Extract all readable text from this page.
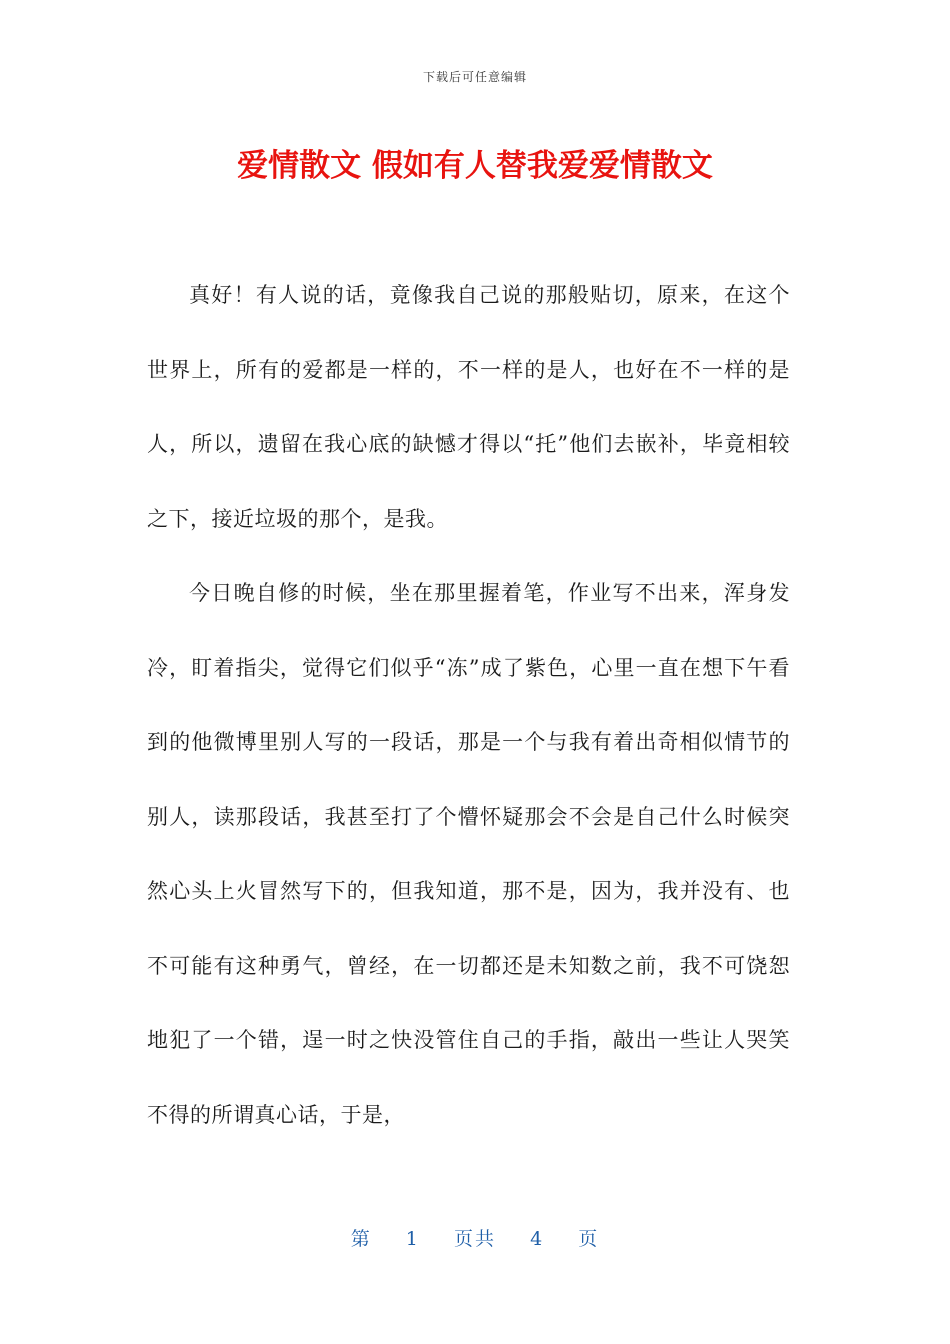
下载后可任意编辑
爱情散文 假如有人替我爱爱情散文

真好！有人说的话，竟像我自己说的那般贴切，原来，在这个世界上，所有的爱都是一样的，不一样的是人，也好在不一样的是人，所以，遗留在我心底的缺憾才得以“托”他们去嵌补，毕竟相较之下，接近垃圾的那个，是我。

今日晚自修的时候，坐在那里握着笔，作业写不出来，浑身发冷，盯着指尖，觉得它们似乎“冻”成了紫色，心里一直在想下午看到的他微博里别人写的一段话，那是一个与我有着出奇相似情节的别人，读那段话，我甚至打了个懵怀疑那会不会是自己什么时候突然心头上火冒然写下的，但我知道，那不是，因为，我并没有、也不可能有这种勇气，曾经，在一切都还是未知数之前，我不可饶恕地犯了一个错，逞一时之快没管住自己的手指，敲出一些让人哭笑不得的所谓真心话，于是，

第 1 页共 4 页
